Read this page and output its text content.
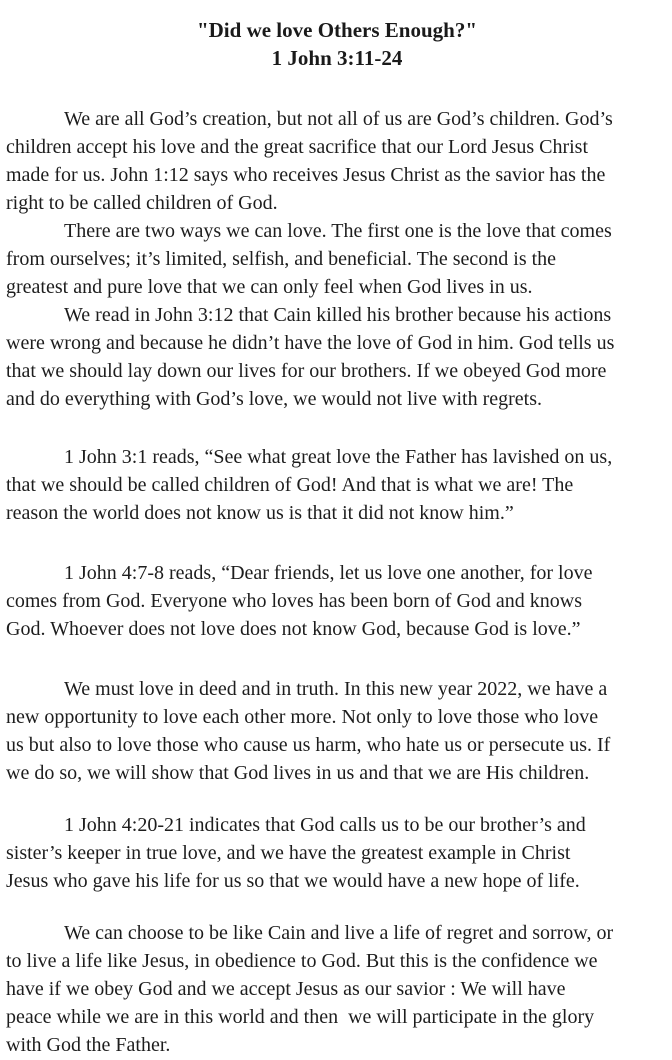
"Did we love Others Enough?"
1 John 3:11-24

We are all God’s creation, but not all of us are God’s children. God’s
children accept his love and the great sacrifice that our Lord Jesus Christ
made for us. John 1:12 says who receives Jesus Christ as the savior has the
right to be called children of God.

There are two ways we can love. The first one is the love that comes
from ourselves; it’s limited, selfish, and beneficial. The second is the
greatest and pure love that we can only feel when God lives in us.

We read in John 3:12 that Cain killed his brother because his actions
were wrong and because he didn’t have the love of God in him. God tells us
that we should lay down our lives for our brothers. If we obeyed God more
and do everything with God’s love, we would not live with regrets.

1 John 3:1 reads, “See what great love the Father has lavished on us,
that we should be called children of God! And that is what we are! The
reason the world does not know us is that it did not know him.”

1 John 4:7-8 reads, “Dear friends, let us love one another, for love
comes from God. Everyone who loves has been born of God and knows
God. Whoever does not love does not know God, because God is love.”

We must love in deed and in truth. In this new year 2022, we have a
new opportunity to love each other more. Not only to love those who love
us but also to love those who cause us harm, who hate us or persecute us. If
we do so, we will show that God lives in us and that we are His children.

1 John 4:20-21 indicates that God calls us to be our brother’s and
sister’s keeper in true love, and we have the greatest example in Christ
Jesus who gave his life for us so that we would have a new hope of life.

We can choose to be like Cain and live a life of regret and sorrow, or
to live a life like Jesus, in obedience to God. But this is the confidence we
have if we obey God and we accept Jesus as our savior : We will have
peace while we are in this world and then  we will participate in the glory
with God the Father.
